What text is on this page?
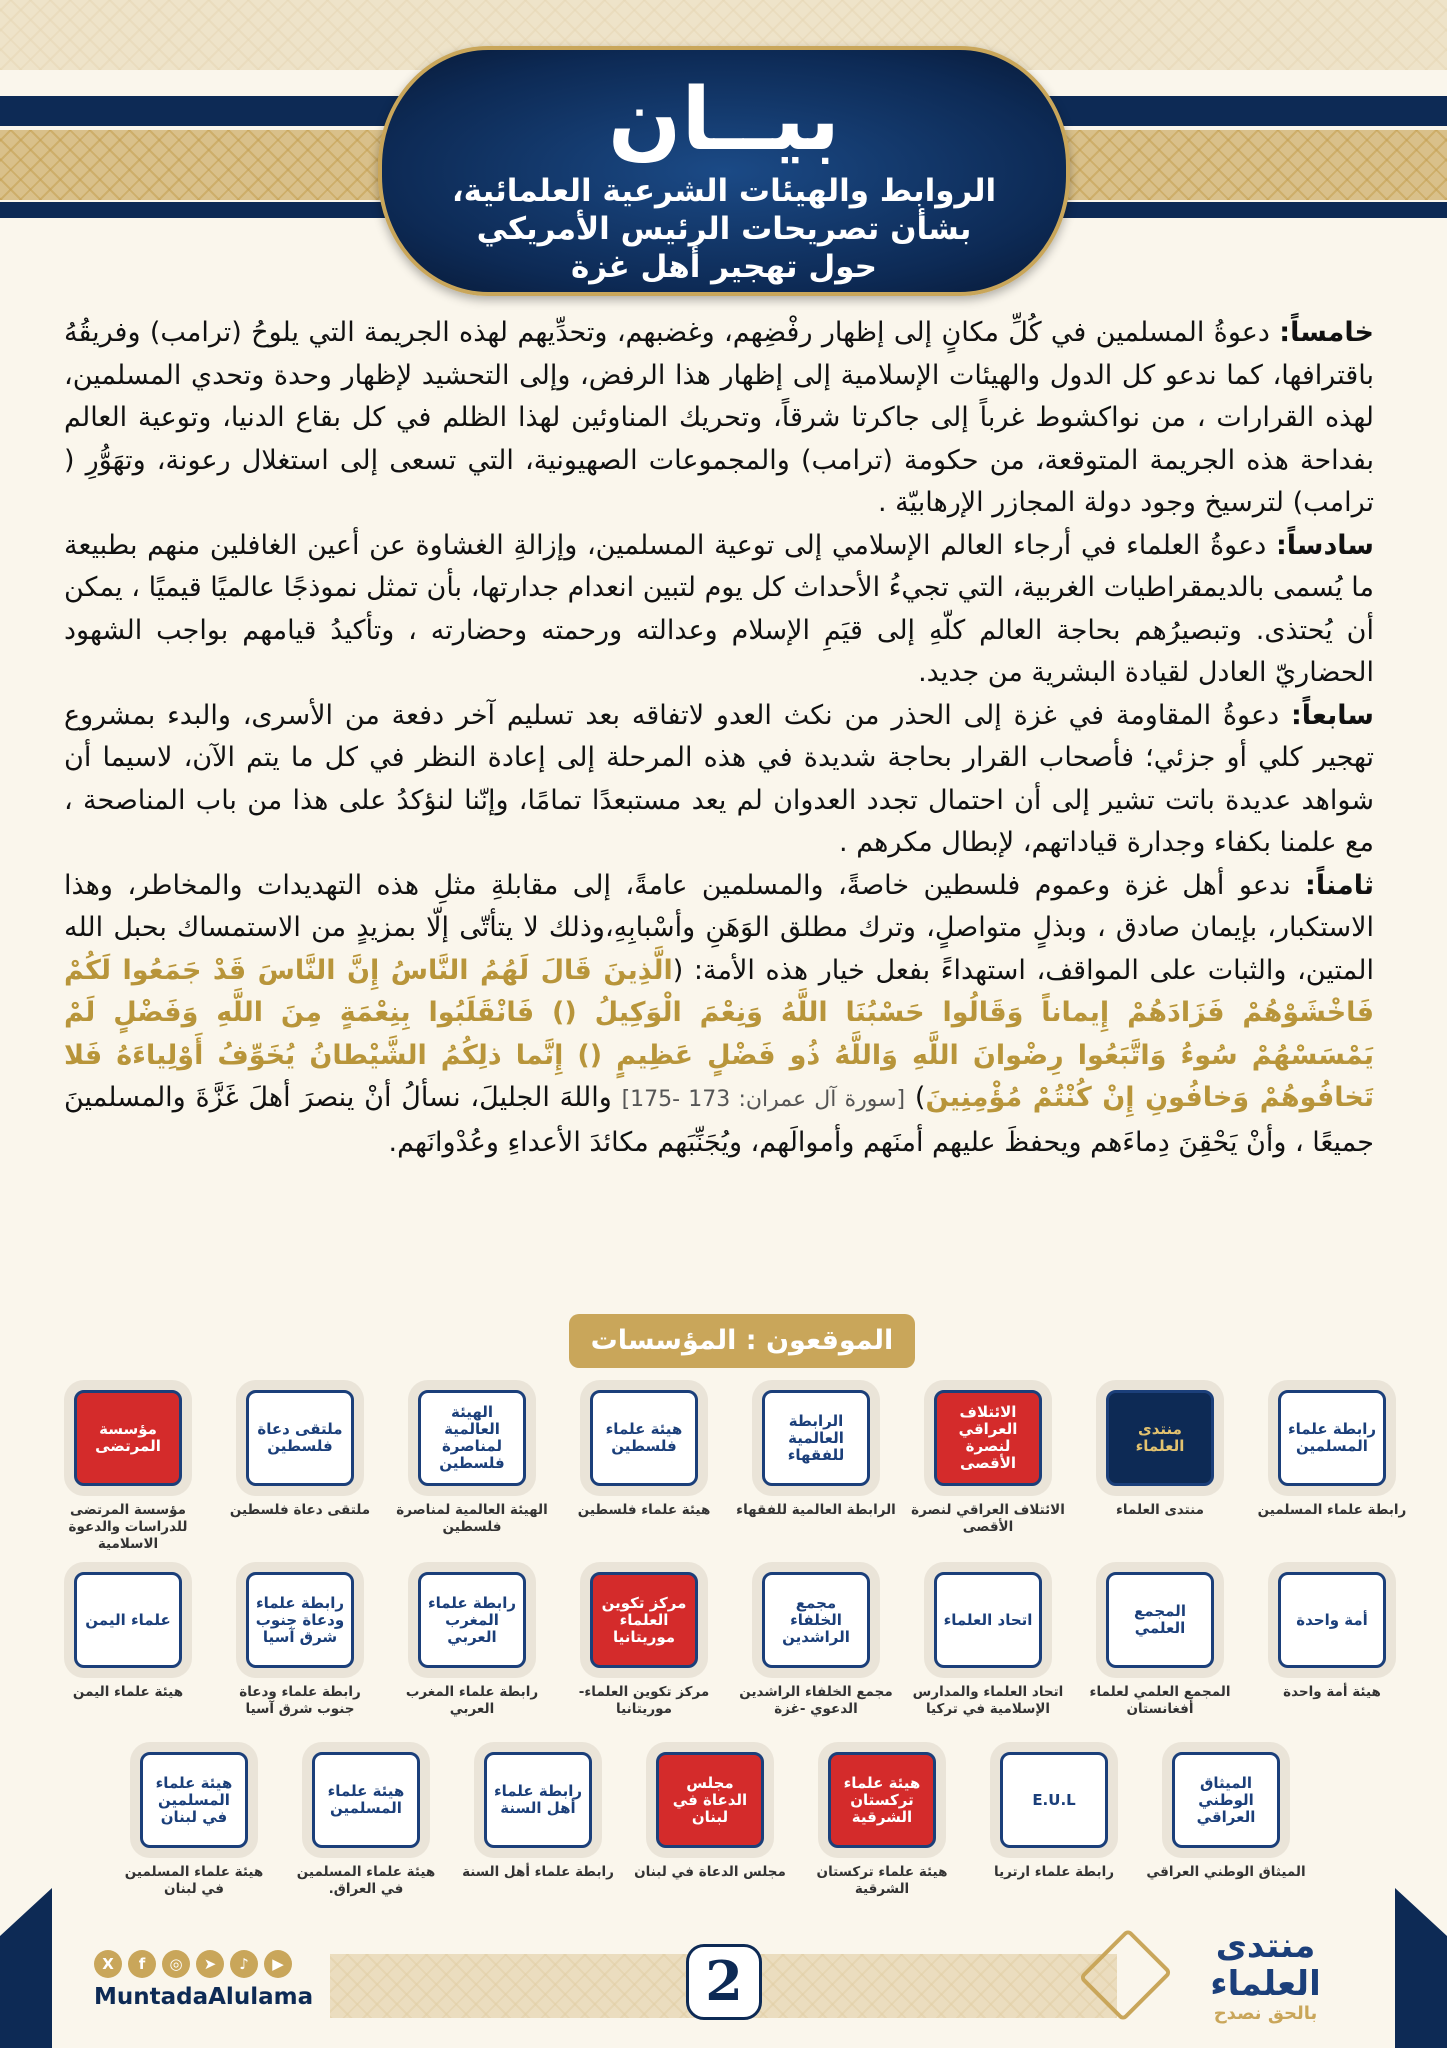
بيــان
الروابط والهيئات الشرعية العلمائية،
بشأن تصريحات الرئيس الأمريكي
حول تهجير أهل غزة

خامساً: دعوةُ المسلمين في كُلِّ مكانٍ إلى إظهار رفْضِهم، وغضبهم، وتحدِّيهم لهذه الجريمة التي يلوحُ (ترامب) وفريقُهُ باقترافها، كما ندعو كل الدول والهيئات الإسلامية إلى إظهار هذا الرفض، وإلى التحشيد لإظهار وحدة وتحدي المسلمين، لهذه القرارات ، من نواكشوط غرباً إلى جاكرتا شرقاً، وتحريك المناوئين لهذا الظلم في كل بقاع الدنيا، وتوعية العالم بفداحة هذه الجريمة المتوقعة، من حكومة (ترامب) والمجموعات الصهيونية، التي تسعى إلى استغلال رعونة، وتهَوُّرِ ( ترامب) لترسيخ وجود دولة المجازر الإرهابيّة .

سادساً: دعوةُ العلماء في أرجاء العالم الإسلامي إلى توعية المسلمين، وإزالةِ الغشاوة عن أعين الغافلين منهم بطبيعة ما يُسمى بالديمقراطيات الغربية، التي تجيءُ الأحداث كل يوم لتبين انعدام جدارتها، بأن تمثل نموذجًا عالميًا قيميًا ، يمكن أن يُحتذى. وتبصيرُهم بحاجة العالم كلّهِ إلى قيَمِ الإسلام وعدالته ورحمته وحضارته ، وتأكيدُ قيامهم بواجب الشهود الحضاريّ العادل لقيادة البشرية من جديد.

سابعاً: دعوةُ المقاومة في غزة إلى الحذر من نكث العدو لاتفاقه بعد تسليم آخر دفعة من الأسرى، والبدء بمشروع تهجير كلي أو جزئي؛ فأصحاب القرار بحاجة شديدة في هذه المرحلة إلى إعادة النظر في كل ما يتم الآن، لاسيما أن شواهد عديدة باتت تشير إلى أن احتمال تجدد العدوان لم يعد مستبعدًا تمامًا، وإنّنا لنؤكدُ على هذا من باب المناصحة ، مع علمنا بكفاء وجدارة قياداتهم، لإبطال مكرهم .

ثامناً: ندعو أهل غزة وعموم فلسطين خاصةً، والمسلمين عامةً، إلى مقابلةِ مثلِ هذه التهديدات والمخاطر، وهذا الاستكبار، بإيمان صادق ، وبذلٍ متواصلٍ، وترك مطلق الوَهَنِ وأسْبابِهِ،وذلك لا يتأتّى إلّا بمزيدٍ من الاستمساك بحبل الله المتين، والثبات على المواقف، استهداءً بفعل خيار هذه الأمة: (الَّذِينَ قَالَ لَهُمُ النَّاسُ إِنَّ النَّاسَ قَدْ جَمَعُوا لَكُمْ فَاخْشَوْهُمْ فَزَادَهُمْ إِيماناً وَقَالُوا حَسْبُنَا اللَّهُ وَنِعْمَ الْوَكِيلُ () فَانْقَلَبُوا بِنِعْمَةٍ مِنَ اللَّهِ وَفَضْلٍ لَمْ يَمْسَسْهُمْ سُوءُ وَاتَّبَعُوا رِضْوانَ اللَّهِ وَاللَّهُ ذُو فَضْلٍ عَظِيمٍ () إِنَّما ذلِكُمُ الشَّيْطانُ يُخَوِّفُ أَوْلِياءَهُ فَلا تَخافُوهُمْ وَخافُونِ إِنْ كُنْتُمْ مُؤْمِنِينَ) [سورة آل عمران: 173 -175] واللهَ الجليلَ، نسألُ أنْ ينصرَ أهلَ غَزَّةَ والمسلمينَ جميعًا ، وأنْ يَحْقِنَ دِماءَهم ويحفظَ عليهم أمنَهم وأموالَهم، ويُجَنِّبَهم مكائدَ الأعداءِ وعُدْوانَهم.

الموقعون : المؤسسات
رابطة علماء المسلمين
رابطة علماء المسلمين
منتدى العلماء
منتدى العلماء
الائتلاف العراقي لنصرة الأقصى
الائتلاف العراقي لنصرة الأقصى
الرابطة العالمية للفقهاء
الرابطة العالمية للفقهاء
هيئة علماء فلسطين
هيئة علماء فلسطين
الهيئة العالمية لمناصرة فلسطين
الهيئة العالمية لمناصرة فلسطين
ملتقى دعاة فلسطين
ملتقى دعاة فلسطين
مؤسسة المرتضى
مؤسسة المرتضى للدراسات والدعوة الاسلامية
أمة واحدة
هيئة أمة واحدة
المجمع العلمي
المجمع العلمي لعلماء أفغانستان
اتحاد العلماء
اتحاد العلماء والمدارس الإسلامية في تركيا
مجمع الخلفاء الراشدين
مجمع الخلفاء الراشدين الدعوي -غزة
مركز تكوين العلماء موريتانيا
مركز تكوين العلماء- موريتانيا
رابطة علماء المغرب العربي
رابطة علماء المغرب العربي
رابطة علماء ودعاة جنوب شرق آسيا
رابطة علماء ودعاة جنوب شرق آسيا
علماء اليمن
هيئة علماء اليمن
الميثاق الوطني العراقي
الميثاق الوطني العراقي
E.U.L
رابطة علماء ارتريا
هيئة علماء تركستان الشرقية
هيئة علماء تركستان الشرقية
مجلس الدعاة في لبنان
مجلس الدعاة في لبنان
رابطة علماء أهل السنة
رابطة علماء أهل السنة
هيئة علماء المسلمين
هيئة علماء المسلمين في العراق.
هيئة علماء المسلمين في لبنان
هيئة علماء المسلمين في لبنان
2
X	f	◎	➤	♪	▶
MuntadaAlulama
منتدى العلماء
بالحق نصدح
